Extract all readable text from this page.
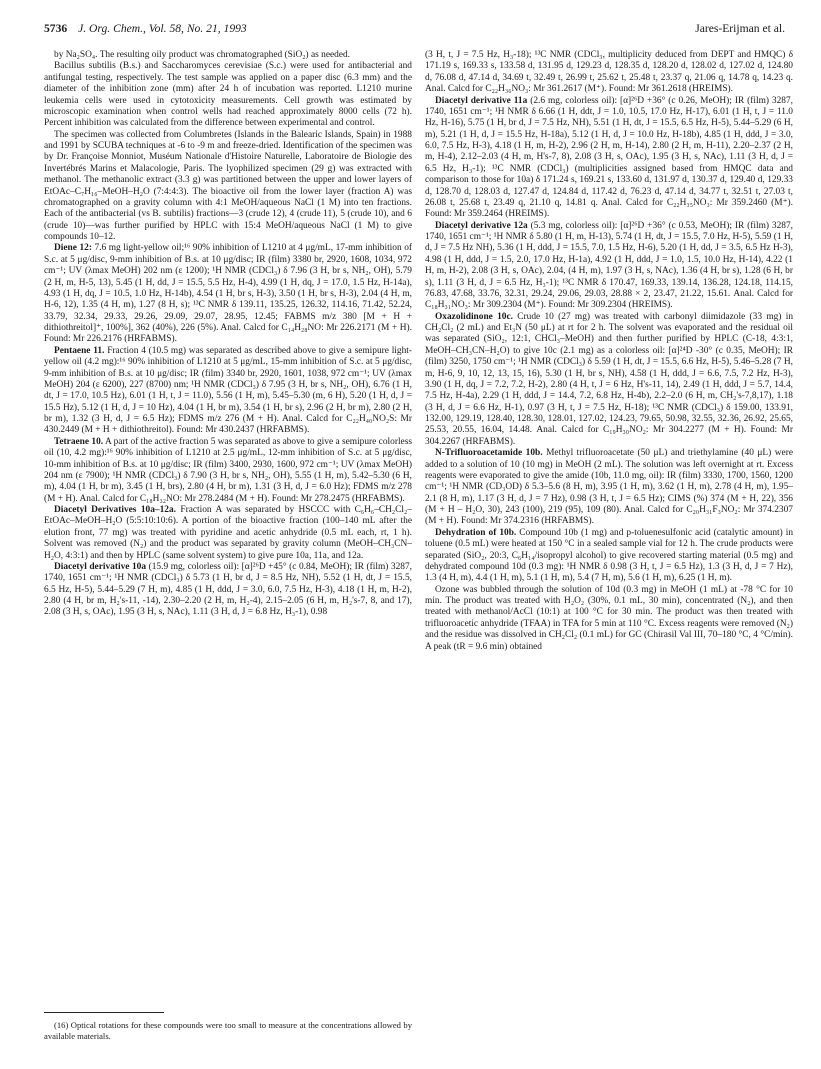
5736 J. Org. Chem., Vol. 58, No. 21, 1993	Jares-Erijman et al.

by Na₂SO₄. The resulting oily product was chromatographed (SiO₂) as needed.

Bacillus subtilis (B.s.) and Saccharomyces cerevisiae (S.c.) were used for antibacterial and antifungal testing, respectively. The test sample was applied on a paper disc (6.3 mm) and the diameter of the inhibition zone (mm) after 24 h of incubation was reported. L1210 murine leukemia cells were used in cytotoxicity measurements. Cell growth was estimated by microscopic examination when control wells had reached approximately 8000 cells (72 h). Percent inhibition was calculated from the difference between experimental and control.

The specimen was collected from Columbretes (Islands in the Balearic Islands, Spain) in 1988 and 1991 by SCUBA techniques at -6 to -9 m and freeze-dried. Identification of the specimen was by Dr. Françoise Monniot, Muséum Nationale d'Histoire Naturelle, Laboratoire de Biologie des Invertébrés Marins et Malacologie, Paris. The lyophilized specimen (29 g) was extracted with methanol. The methanolic extract (3.3 g) was partitioned between the upper and lower layers of EtOAc–C₇H₁₆–MeOH–H₂O (7:4:4:3). The bioactive oil from the lower layer (fraction A) was chromatographed on a gravity column with 4:1 MeOH/aqueous NaCl (1 M) into ten fractions. Each of the antibacterial (vs B. subtilis) fractions—3 (crude 12), 4 (crude 11), 5 (crude 10), and 6 (crude 10)—was further purified by HPLC with 15:4 MeOH/aqueous NaCl (1 M) to give compounds 10–12.

Diene 12: 7.6 mg light-yellow oil;¹⁶ 90% inhibition of L1210 at 4 μg/mL, 17-mm inhibition of S.c. at 5 μg/disc, 9-mm inhibition of B.s. at 10 μg/disc; IR (film) 3380 br, 2920, 1608, 1034, 972 cm⁻¹; UV (λmax MeOH) 202 nm (ε 1200); ¹H NMR (CDCl₃) δ 7.96 (3 H, br s, NH₂, OH), 5.79 (2 H, m, H-5, 13), 5.45 (1 H, dd, J = 15.5, 5.5 Hz, H-4), 4.99 (1 H, dq, J = 17.0, 1.5 Hz, H-14a), 4.93 (1 H, dq, J = 10.5, 1.0 Hz, H-14b), 4.54 (1 H, br s, H-3), 3.50 (1 H, br s, H-3), 2.04 (4 H, m, H-6, 12), 1.35 (4 H, m), 1.27 (8 H, s); ¹³C NMR δ 139.11, 135.25, 126.32, 114.16, 71.42, 52.24, 33.79, 32.34, 29.33, 29.26, 29.09, 29.07, 28.95, 12.45; FABMS m/z 380 [M + H + dithiothreitol]⁺, 100%], 362 (40%), 226 (5%). Anal. Calcd for C₁₄H₂₈NO: Mr 226.2171 (M + H). Found: Mr 226.2176 (HRFABMS).

Pentaene 11. Fraction 4 (10.5 mg) was separated as described above to give a semipure light-yellow oil (4.2 mg):¹⁶ 90% inhibition of L1210 at 5 μg/mL, 15-mm inhibition of S.c. at 5 μg/disc, 9-mm inhibition of B.s. at 10 μg/disc; IR (film) 3340 br, 2920, 1601, 1038, 972 cm⁻¹; UV (λmax MeOH) 204 (ε 6200), 227 (8700) nm; ¹H NMR (CDCl₃) δ 7.95 (3 H, br s, NH₂, OH), 6.76 (1 H, dt, J = 17.0, 10.5 Hz), 6.01 (1 H, t, J = 11.0), 5.56 (1 H, m), 5.45–5.30 (m, 6 H), 5.20 (1 H, d, J = 15.5 Hz), 5.12 (1 H, d, J = 10 Hz), 4.04 (1 H, br m), 3.54 (1 H, br s), 2.96 (2 H, br m), 2.80 (2 H, br m), 1.32 (3 H, d, J = 6.5 Hz); FDMS m/z 276 (M + H). Anal. Calcd for C₂₂H₄₀NO₂S: Mr 430.2449 (M + H + dithiothreitol). Found: Mr 430.2437 (HRFABMS).

Tetraene 10. A part of the active fraction 5 was separated as above to give a semipure colorless oil (10, 4.2 mg):¹⁶ 90% inhibition of L1210 at 2.5 μg/mL, 12-mm inhibition of S.c. at 5 μg/disc, 10-mm inhibition of B.s. at 10 μg/disc; IR (film) 3400, 2930, 1600, 972 cm⁻¹; UV (λmax MeOH) 204 nm (ε 7900); ¹H NMR (CDCl₃) δ 7.90 (3 H, br s, NH₂, OH), 5.55 (1 H, m), 5.42–5.30 (6 H, m), 4.04 (1 H, br m), 3.45 (1 H, brs), 2.80 (4 H, br m), 1.31 (3 H, d, J = 6.0 Hz); FDMS m/z 278 (M + H). Anal. Calcd for C₁₈H₃₂NO: Mr 278.2484 (M + H). Found: Mr 278.2475 (HRFABMS).

Diacetyl Derivatives 10a–12a. Fraction A was separated by HSCCC with C₆H₆–CH₂Cl₂–EtOAc–MeOH–H₂O (5:5:10:10:6). A portion of the bioactive fraction (100–140 mL after the elution front, 77 mg) was treated with pyridine and acetic anhydride (0.5 mL each, rt, 1 h). Solvent was removed (N₂) and the product was separated by gravity column (MeOH–CH₃CN–H₂O, 4:3:1) and then by HPLC (same solvent system) to give pure 10a, 11a, and 12a.

Diacetyl derivative 10a (15.9 mg, colorless oil): [α]²⁶D +45° (c 0.84, MeOH); IR (film) 3287, 1740, 1651 cm⁻¹; ¹H NMR (CDCl₃) δ 5.73 (1 H, br d, J = 8.5 Hz, NH), 5.52 (1 H, dt, J = 15.5, 6.5 Hz, H-5), 5.44–5.29 (7 H, m), 4.85 (1 H, ddd, J = 3.0, 6.0, 7.5 Hz, H-3), 4.18 (1 H, m, H-2), 2.80 (4 H, br m, H₂'s-11, -14), 2.30–2.20 (2 H, m, H₂-4), 2.15–2.05 (6 H, m, H₂'s-7, 8, and 17), 2.08 (3 H, s, OAc), 1.95 (3 H, s, NAc), 1.11 (3 H, d, J = 6.8 Hz, H₃-1), 0.98

(3 H, t, J = 7.5 Hz, H₃-18); ¹³C NMR (CDCl₃, multiplicity deduced from DEPT and HMQC) δ 171.19 s, 169.33 s, 133.58 d, 131.95 d, 129.23 d, 128.35 d, 128.20 d, 128.02 d, 127.02 d, 124.80 d, 76.08 d, 47.14 d, 34.69 t, 32.49 t, 26.99 t, 25.62 t, 25.48 t, 23.37 q, 21.06 q, 14.78 q, 14.23 q. Anal. Calcd for C₂₂H₃₆NO₃: Mr 361.2617 (M⁺). Found: Mr 361.2618 (HREIMS).

Diacetyl derivative 11a (2.6 mg, colorless oil): [α]²⁶D +36° (c 0.26, MeOH); IR (film) 3287, 1740, 1651 cm⁻¹; ¹H NMR δ 6.66 (1 H, ddt, J = 1.0, 10.5, 17.0 Hz, H-17), 6.01 (1 H, t, J = 11.0 Hz, H-16), 5.75 (1 H, br d, J = 7.5 Hz, NH), 5.51 (1 H, dt, J = 15.5, 6.5 Hz, H-5), 5.44–5.29 (6 H, m), 5.21 (1 H, d, J = 15.5 Hz, H-18a), 5.12 (1 H, d, J = 10.0 Hz, H-18b), 4.85 (1 H, ddd, J = 3.0, 6.0, 7.5 Hz, H-3), 4.18 (1 H, m, H-2), 2.96 (2 H, m, H-14), 2.80 (2 H, m, H-11), 2.20–2.37 (2 H, m, H-4), 2.12–2.03 (4 H, m, H's-7, 8), 2.08 (3 H, s, OAc), 1.95 (3 H, s, NAc), 1.11 (3 H, d, J = 6.5 Hz, H₃-1); ¹³C NMR (CDCl₃) (multiplicities assigned based from HMQC data and comparison to those for 10a) δ 171.24 s, 169.21 s, 133.60 d, 131.97 d, 130.37 d, 129.40 d, 129.33 d, 128.70 d, 128.03 d, 127.47 d, 124.84 d, 117.42 d, 76.23 d, 47.14 d, 34.77 t, 32.51 t, 27.03 t, 26.08 t, 25.68 t, 23.49 q, 21.10 q, 14.81 q. Anal. Calcd for C₂₂H₃₅NO₃: Mr 359.2460 (M⁺). Found: Mr 359.2464 (HREIMS).

Diacetyl derivative 12a (5.3 mg, colorless oil): [α]²⁶D +36° (c 0.53, MeOH); IR (film) 3287, 1740, 1651 cm⁻¹; ¹H NMR δ 5.80 (1 H, m, H-13), 5.74 (1 H, dt, J = 15.5, 7.0 Hz, H-5), 5.59 (1 H, d, J = 7.5 Hz NH), 5.36 (1 H, ddd, J = 15.5, 7.0, 1.5 Hz, H-6), 5.20 (1 H, dd, J = 3.5, 6.5 Hz H-3), 4.98 (1 H, ddd, J = 1.5, 2.0, 17.0 Hz, H-1a), 4.92 (1 H, ddd, J = 1.0, 1.5, 10.0 Hz, H-14), 4.22 (1 H, m, H-2), 2.08 (3 H, s, OAc), 2.04, (4 H, m), 1.97 (3 H, s, NAc), 1.36 (4 H, br s), 1.28 (6 H, br s), 1.11 (3 H, d, J = 6.5 Hz, H₃-1); ¹³C NMR δ 170.47, 169.33, 139.14, 136.28, 124.18, 114.15, 76.83, 47.68, 33.76, 32.31, 29.24, 29.06, 29.03, 28.88 × 2, 23.47, 21.22, 15.61. Anal. Calcd for C₁₈H₃₁NO₃: Mr 309.2304 (M⁺). Found: Mr 309.2304 (HREIMS).

Oxazolidinone 10c. Crude 10 (27 mg) was treated with carbonyl diimidazole (33 mg) in CH₂Cl₂ (2 mL) and Et₃N (50 μL) at rt for 2 h. The solvent was evaporated and the residual oil was separated (SiO₂, 12:1, CHCl₃–MeOH) and then further purified by HPLC (C-18, 4:3:1, MeOH–CH₃CN–H₂O) to give 10c (2.1 mg) as a colorless oil: [α]²⁴D -30° (c 0.35, MeOH); IR (film) 3250, 1750 cm⁻¹; ¹H NMR (CDCl₃) δ 5.59 (1 H, dt, J = 15.5, 6.6 Hz, H-5), 5.46–5.28 (7 H, m, H-6, 9, 10, 12, 13, 15, 16), 5.30 (1 H, br s, NH), 4.58 (1 H, ddd, J = 6.6, 7.5, 7.2 Hz, H-3), 3.90 (1 H, dq, J = 7.2, 7.2, H-2), 2.80 (4 H, t, J = 6 Hz, H's-11, 14), 2.49 (1 H, ddd, J = 5.7, 14.4, 7.5 Hz, H-4a), 2.29 (1 H, ddd, J = 14.4, 7.2, 6.8 Hz, H-4b), 2.2–2.0 (6 H, m, CH₂'s-7,8,17), 1.18 (3 H, d, J = 6.6 Hz, H-1), 0.97 (3 H, t, J = 7.5 Hz, H-18); ¹³C NMR (CDCl₃) δ 159.00, 133.91, 132.00, 129.19, 128.40, 128.30, 128.01, 127.02, 124.23, 79.65, 50.98, 32.55, 32.36, 26.92, 25.65, 25.53, 20.55, 16.04, 14.48. Anal. Calcd for C₁₉H₃₀NO₂: Mr 304.2277 (M + H). Found: Mr 304.2267 (HRFABMS).

N-Trifluoroacetamide 10b. Methyl trifluoroacetate (50 μL) and triethylamine (40 μL) were added to a solution of 10 (10 mg) in MeOH (2 mL). The solution was left overnight at rt. Excess reagents were evaporated to give the amide (10b, 11.0 mg, oil): IR (film) 3330, 1700, 1560, 1200 cm⁻¹; ¹H NMR (CD₃OD) δ 5.3–5.6 (8 H, m), 3.95 (1 H, m), 3.62 (1 H, m), 2.78 (4 H, m), 1.95–2.1 (8 H, m), 1.17 (3 H, d, J = 7 Hz), 0.98 (3 H, t, J = 6.5 Hz); CIMS (%) 374 (M + H, 22), 356 (M + H – H₂O, 30), 243 (100), 219 (95), 109 (80). Anal. Calcd for C₂₀H₃₁F₃NO₂: Mr 374.2307 (M + H). Found: Mr 374.2316 (HRFABMS).

Dehydration of 10b. Compound 10b (1 mg) and p-toluenesulfonic acid (catalytic amount) in toluene (0.5 mL) were heated at 150 °C in a sealed sample vial for 12 h. The crude products were separated (SiO₂, 20:3, C₆H₁₄/isopropyl alcohol) to give recovered starting material (0.5 mg) and dehydrated compound 10d (0.3 mg): ¹H NMR δ 0.98 (3 H, t, J = 6.5 Hz), 1.3 (3 H, d, J = 7 Hz), 1.3 (4 H, m), 4.4 (1 H, m), 5.1 (1 H, m), 5.4 (7 H, m), 5.6 (1 H, m), 6.25 (1 H, m).

Ozone was bubbled through the solution of 10d (0.3 mg) in MeOH (1 mL) at -78 °C for 10 min. The product was treated with H₂O₂ (30%, 0.1 mL, 30 min), concentrated (N₂), and then treated with methanol/AcCl (10:1) at 100 °C for 30 min. The product was then treated with trifluoroacetic anhydride (TFAA) in TFA for 5 min at 110 °C. Excess reagents were removed (N₂) and the residue was dissolved in CH₂Cl₂ (0.1 mL) for GC (Chirasil Val III, 70–180 °C, 4 °C/min). A peak (tR = 9.6 min) obtained

(16) Optical rotations for these compounds were too small to measure at the concentrations allowed by available materials.
